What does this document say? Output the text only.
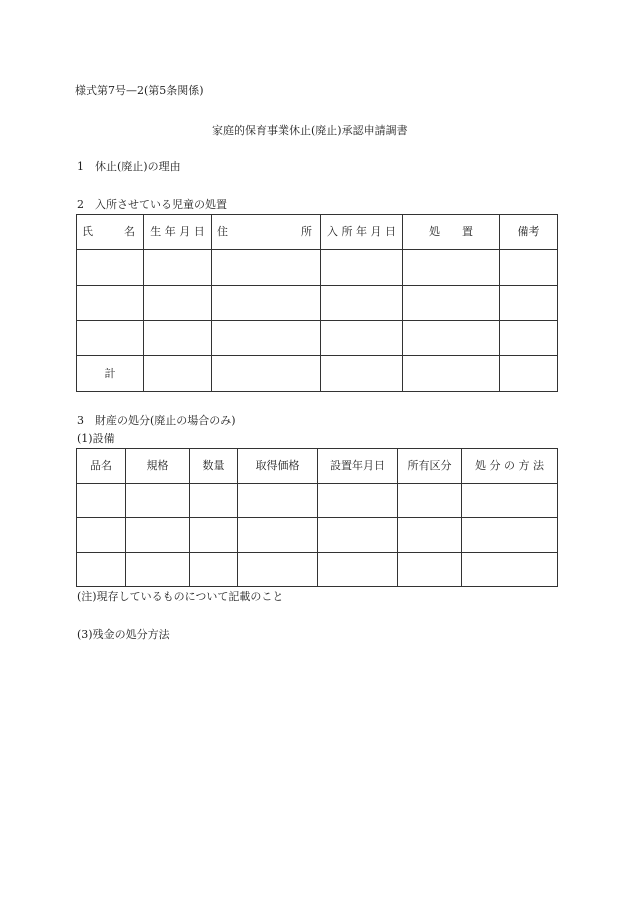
様式第7号—2(第5条関係)
家庭的保育事業休止(廃止)承認申請調書
1　休止(廃止)の理由
2　入所させている児童の処置
氏 名	生 年 月 日	住 所	入 所 年 月 日	処　　置	備考

計					
3　財産の処分(廃止の場合のみ)
(1)設備
品名	規格	数量	取得価格	設置年月日	所有区分	処 分 の 方 法

(注)現存しているものについて記載のこと
(3)残金の処分方法
